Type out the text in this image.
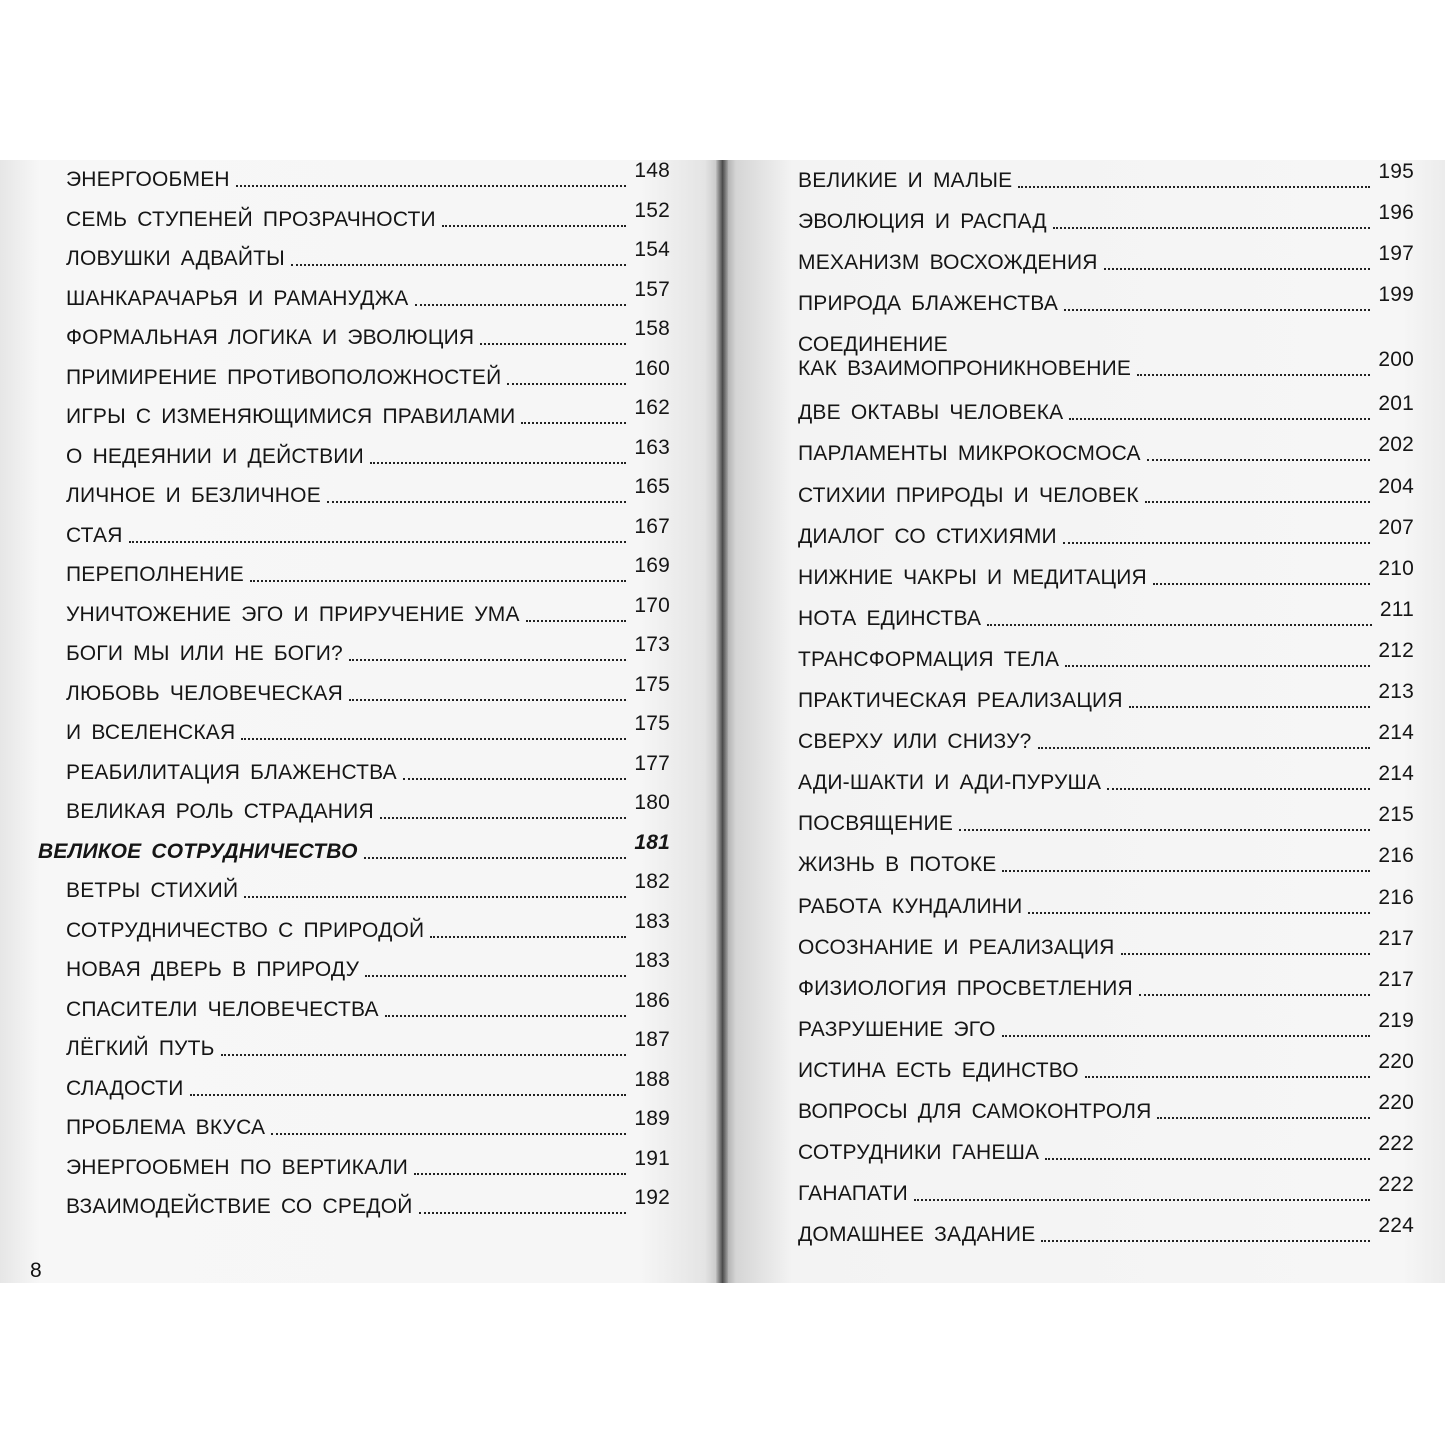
ЭНЕРГООБМЕН	148
СЕМЬ СТУПЕНЕЙ ПРОЗРАЧНОСТИ	152
ЛОВУШКИ АДВАЙТЫ	154
ШАНКАРАЧАРЬЯ И РАМАНУДЖА	157
ФОРМАЛЬНАЯ ЛОГИКА И ЭВОЛЮЦИЯ	158
ПРИМИРЕНИЕ ПРОТИВОПОЛОЖНОСТЕЙ	160
ИГРЫ С ИЗМЕНЯЮЩИМИСЯ ПРАВИЛАМИ	162
О НЕДЕЯНИИ И ДЕЙСТВИИ	163
ЛИЧНОЕ И БЕЗЛИЧНОЕ	165
СТАЯ	167
ПЕРЕПОЛНЕНИЕ	169
УНИЧТОЖЕНИЕ ЭГО И ПРИРУЧЕНИЕ УМА	170
БОГИ МЫ ИЛИ НЕ БОГИ?	173
ЛЮБОВЬ ЧЕЛОВЕЧЕСКАЯ	175
И ВСЕЛЕНСКАЯ	175
РЕАБИЛИТАЦИЯ БЛАЖЕНСТВА	177
ВЕЛИКАЯ РОЛЬ СТРАДАНИЯ	180
ВЕЛИКОЕ СОТРУДНИЧЕСТВО	181
ВЕТРЫ СТИХИЙ	182
СОТРУДНИЧЕСТВО С ПРИРОДОЙ	183
НОВАЯ ДВЕРЬ В ПРИРОДУ	183
СПАСИТЕЛИ ЧЕЛОВЕЧЕСТВА	186
ЛЁГКИЙ ПУТЬ	187
СЛАДОСТИ	188
ПРОБЛЕМА ВКУСА	189
ЭНЕРГООБМЕН ПО ВЕРТИКАЛИ	191
ВЗАИМОДЕЙСТВИЕ СО СРЕДОЙ	192
8
ВЕЛИКИЕ И МАЛЫЕ	195
ЭВОЛЮЦИЯ И РАСПАД	196
МЕХАНИЗМ ВОСХОЖДЕНИЯ	197
ПРИРОДА БЛАЖЕНСТВА	199
СОЕДИНЕНИЕ
КАК ВЗАИМОПРОНИКНОВЕНИЕ	200
ДВЕ ОКТАВЫ ЧЕЛОВЕКА	201
ПАРЛАМЕНТЫ МИКРОКОСМОСА	202
СТИХИИ ПРИРОДЫ И ЧЕЛОВЕК	204
ДИАЛОГ СО СТИХИЯМИ	207
НИЖНИЕ ЧАКРЫ И МЕДИТАЦИЯ	210
НОТА ЕДИНСТВА	211
ТРАНСФОРМАЦИЯ ТЕЛА	212
ПРАКТИЧЕСКАЯ РЕАЛИЗАЦИЯ	213
СВЕРХУ ИЛИ СНИЗУ?	214
АДИ-ШАКТИ И АДИ-ПУРУША	214
ПОСВЯЩЕНИЕ	215
ЖИЗНЬ В ПОТОКЕ	216
РАБОТА КУНДАЛИНИ	216
ОСОЗНАНИЕ И РЕАЛИЗАЦИЯ	217
ФИЗИОЛОГИЯ ПРОСВЕТЛЕНИЯ	217
РАЗРУШЕНИЕ ЭГО	219
ИСТИНА ЕСТЬ ЕДИНСТВО	220
ВОПРОСЫ ДЛЯ САМОКОНТРОЛЯ	220
СОТРУДНИКИ ГАНЕША	222
ГАНАПАТИ	222
ДОМАШНЕЕ ЗАДАНИЕ	224
